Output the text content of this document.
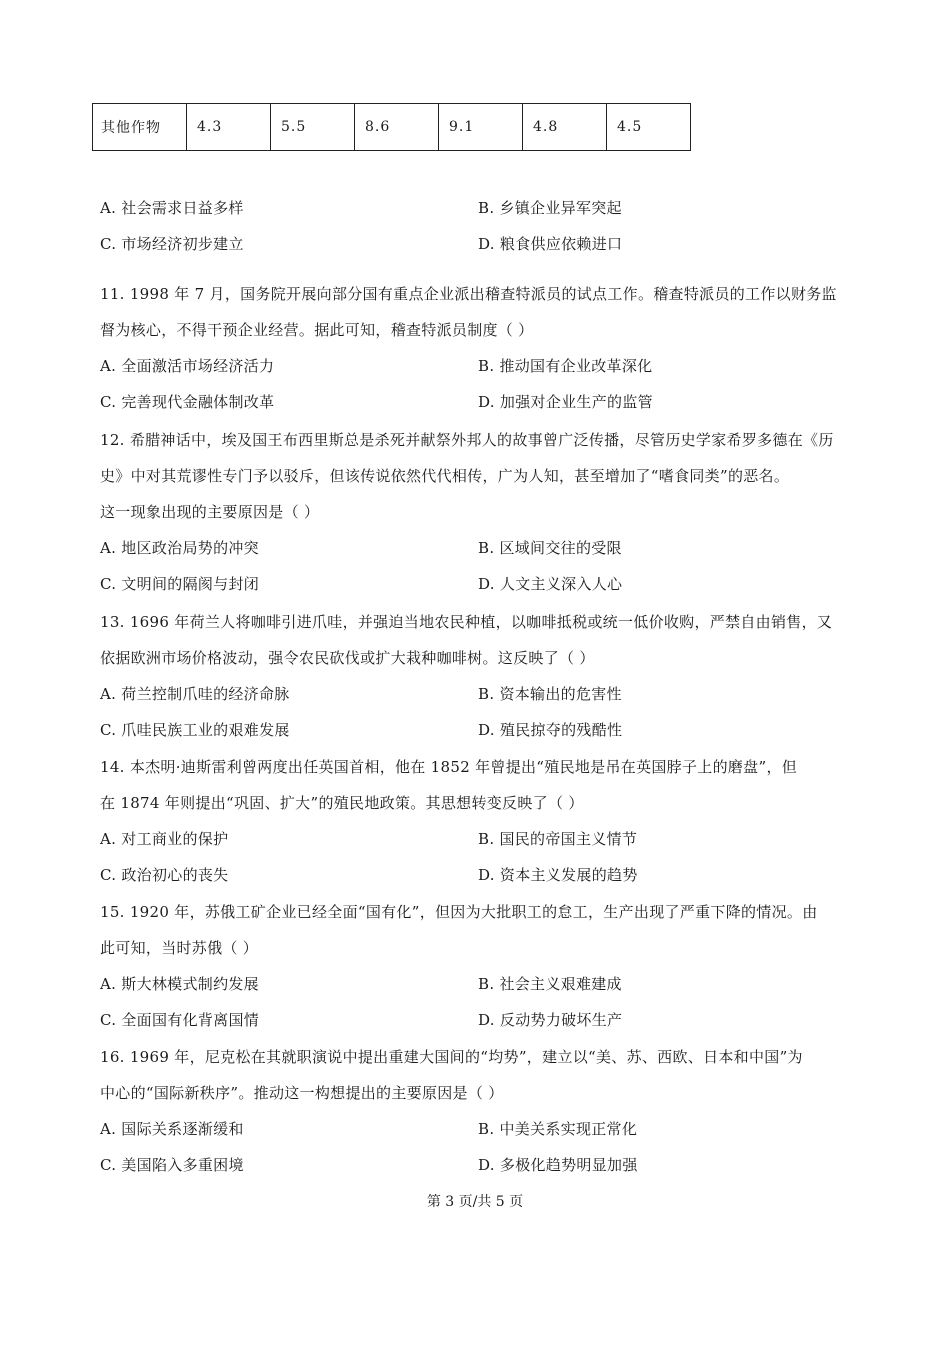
其他作物	4.3	5.5	8.6	9.1	4.8	4.5
A. 社会需求日益多样	B. 乡镇企业异军突起
C. 市场经济初步建立	D. 粮食供应依赖进口
11. 1998 年 7 月，国务院开展向部分国有重点企业派出稽查特派员的试点工作。稽查特派员的工作以财务监
督为核心，不得干预企业经营。据此可知，稽查特派员制度（ ）
A. 全面激活市场经济活力	B. 推动国有企业改革深化
C. 完善现代金融体制改革	D. 加强对企业生产的监管
12. 希腊神话中，埃及国王布西里斯总是杀死并献祭外邦人的故事曾广泛传播，尽管历史学家希罗多德在《历
史》中对其荒谬性专门予以驳斥，但该传说依然代代相传，广为人知，甚至增加了“嗜食同类”的恶名。
这一现象出现的主要原因是（ ）
A. 地区政治局势的冲突	B. 区域间交往的受限
C. 文明间的隔阂与封闭	D. 人文主义深入人心
13. 1696 年荷兰人将咖啡引进爪哇，并强迫当地农民种植，以咖啡抵税或统一低价收购，严禁自由销售，又
依据欧洲市场价格波动，强令农民砍伐或扩大栽种咖啡树。这反映了（ ）
A. 荷兰控制爪哇的经济命脉	B. 资本输出的危害性
C. 爪哇民族工业的艰难发展	D. 殖民掠夺的残酷性
14. 本杰明·迪斯雷利曾两度出任英国首相，他在 1852 年曾提出“殖民地是吊在英国脖子上的磨盘”，但
在 1874 年则提出“巩固、扩大”的殖民地政策。其思想转变反映了（ ）
A. 对工商业的保护	B. 国民的帝国主义情节
C. 政治初心的丧失	D. 资本主义发展的趋势
15. 1920 年，苏俄工矿企业已经全面“国有化”，但因为大批职工的怠工，生产出现了严重下降的情况。由
此可知，当时苏俄（ ）
A. 斯大林模式制约发展	B. 社会主义艰难建成
C. 全面国有化背离国情	D. 反动势力破坏生产
16. 1969 年，尼克松在其就职演说中提出重建大国间的“均势”，建立以“美、苏、西欧、日本和中国”为
中心的“国际新秩序”。推动这一构想提出的主要原因是（ ）
A. 国际关系逐渐缓和	B. 中美关系实现正常化
C. 美国陷入多重困境	D. 多极化趋势明显加强
第 3 页/共 5 页
